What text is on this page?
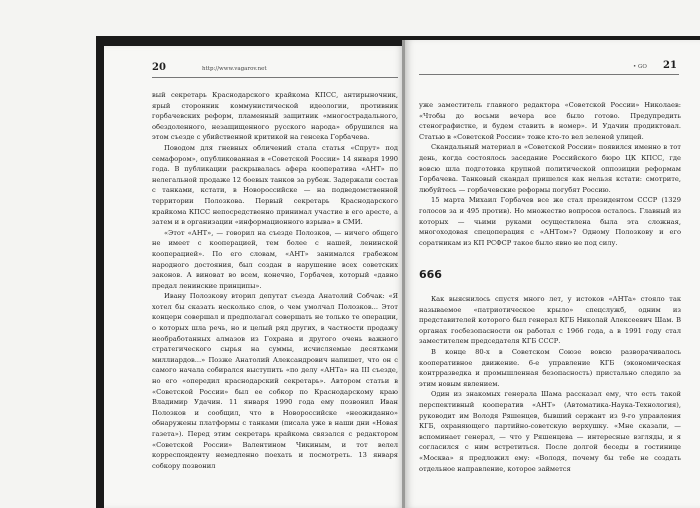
20	http://www.vagarov.net

вый секретарь Краснодарского крайкома КПСС, антирыночник, ярый сторонник коммунистической идеологии, противник горбачевских реформ, пламенный защитник «многострадального, обездоленного, незащищенного русского народа» обрушился на этом съезде с убийственной критикой на генсека Горбачева.

Поводом для гневных обличений стала статья «Спрут» под семафором», опубликованная в «Советской России» 14 января 1990 года. В публикации раскрывалась афера кооператива «АНТ» по нелегальной продаже 12 боевых танков за рубеж. Задержали состав с танками, кстати, в Новороссийске — на подведомственной территории Полозкова. Первый секретарь Краснодарского крайкома КПСС непосредственно принимал участие в его аресте, а затем и в организации «информационного взрыва» в СМИ.

«Этот «АНТ», — говорил на съезде Полозков, — ничего общего не имеет с кооперацией, тем более с нашей, ленинской кооперацией». По его словам, «АНТ» занимался грабежом народного достояния, был создан в нарушение всех советских законов. А виноват во всем, конечно, Горбачев, который «давно предал ленинские принципы».

Ивану Полозкову вторил депутат съезда Анатолий Собчак: «Я хотел бы сказать несколько слов, о чем умолчал Полозков... Этот концерн совершал и предполагал совершать не только те операции, о которых шла речь, но и целый ряд других, в частности продажу необработанных алмазов из Гохрана и другого очень важного стратегического сырья на суммы, исчисляемые десятками миллиардов...» Позже Анатолий Александрович напишет, что он с самого начала собирался выступить «по делу «АНТа» на III съезде, но его «опередил краснодарский секретарь». Автором статьи в «Советской России» был ее собкор по Краснодарскому краю Владимир Удачин. 11 января 1990 года ему позвонил Иван Полозков и сообщил, что в Новороссийске «неожиданно» обнаружены платформы с танками (писала уже в наши дни «Новая газета»). Перед этим секретарь крайкома связался с редактором «Советской России» Валентином Чикиным, и тот велел корреспонденту немедленно поехать и посмотреть. 13 января собкору позвонил

• GO 21

уже заместитель главного редактора «Советской России» Николаев: «Чтобы до восьми вечера все было готово. Предупредить стенографистке, и будем ставить в номер». И Удачин продиктовал. Статью в «Советской России» тоже кто-то вел зеленой улицей.

Скандальный материал в «Советской России» появился именно в тот день, когда состоялось заседание Российского бюро ЦК КПСС, где вовсю шла подготовка крупной политической оппозиции реформам Горбачева. Танковый скандал пришелся как нельзя кстати: смотрите, любуйтесь — горбачевские реформы погубят Россию.

15 марта Михаил Горбачев все же стал президентом СССР (1329 голосов за и 495 против). Но множество вопросов осталось. Главный из которых — чьими руками осуществлена была эта сложная, многоходовая спецоперация с «АНТом»? Одному Полозкову и его соратникам из КП РСФСР такое было явно не под силу.

666

Как выяснилось спустя много лет, у истоков «АНТа» стояло так называемое «патриотическое крыло» спецслужб, одним из представителей которого был генерал КГБ Николай Алексеевич Шам. В органах госбезопасности он работал с 1966 года, а в 1991 году стал заместителем председателя КГБ СССР.

В конце 80-х в Советском Союзе вовсю разворачивалось кооперативное движение. 6-е управление КГБ (экономическая контрразведка и промышленная безопасность) пристально следило за этим новым явлением.

Один из знакомых генерала Шама рассказал ему, что есть такой перспективный кооператив «АНТ» (Автоматика-Наука-Технология), руководит им Володя Ряшенцев, бывший сержант из 9-го управления КГБ, охраняющего партийно-советскую верхушку. «Мне сказали, — вспоминает генерал, — что у Ряшенцева — интересные взгляды, и я согласился с ним встретиться. После долгой беседы в гостинице «Москва» я предложил ему: «Володя, почему бы тебе не создать отдельное направление, которое займется
